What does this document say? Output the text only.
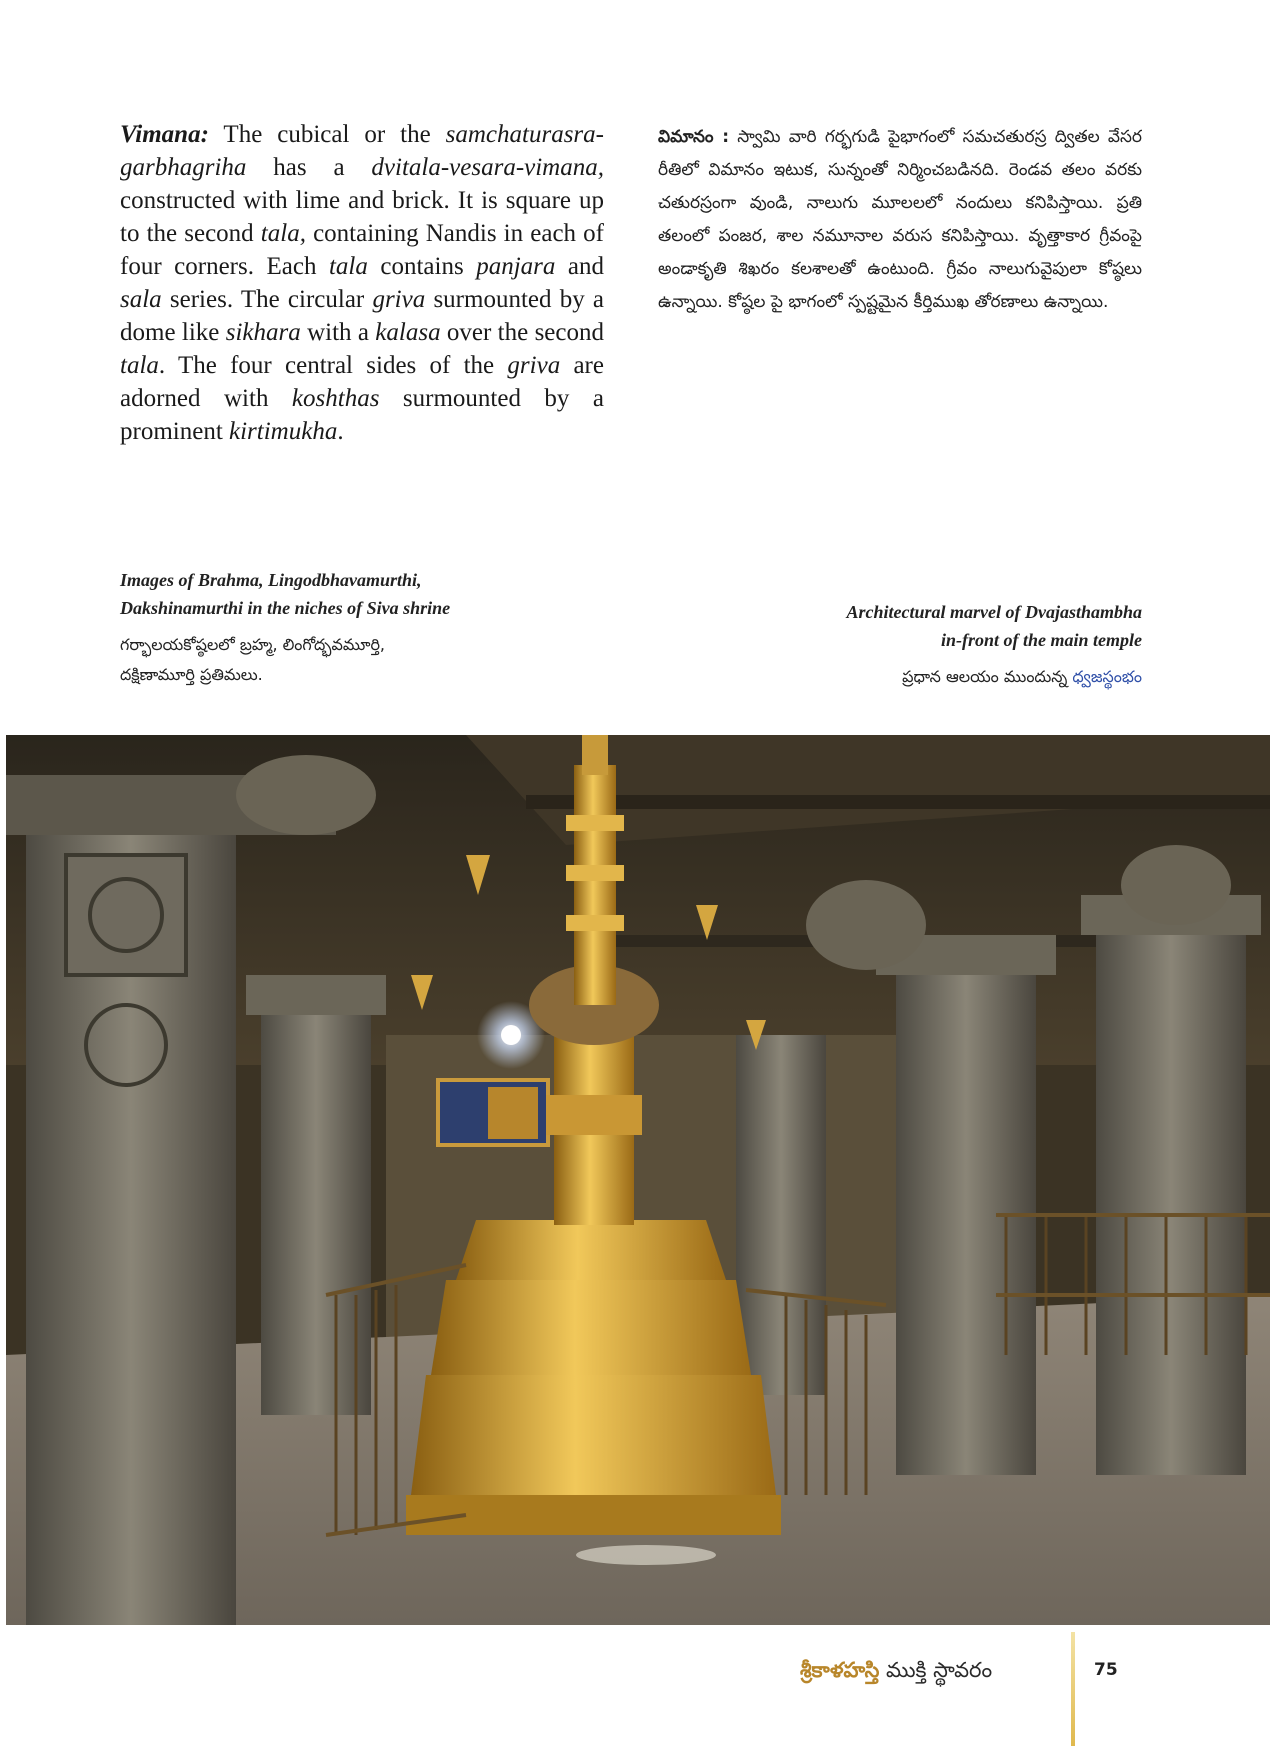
Vimana: The cubical or the samchaturasra-garbhagriha has a dvitala-vesara-vimana, constructed with lime and brick. It is square up to the second tala, containing Nandis in each of four corners. Each tala contains panjara and sala series. The circular griva surmounted by a dome like sikhara with a kalasa over the second tala. The four central sides of the griva are adorned with koshthas surmounted by a prominent kirtimukha.
విమానం : స్వామి వారి గర్భగుడి పైభాగంలో సమచతురస్ర ద్వితల వేసర రీతిలో విమానం ఇటుక, సున్నంతో నిర్మించబడినది. రెండవ తలం వరకు చతురస్రంగా వుండి, నాలుగు మూలలలో నందులు కనిపిస్తాయి. ప్రతి తలంలో పంజర, శాల నమూనాల వరుస కనిపిస్తాయి. వృత్తాకార గ్రీవంపై అండాకృతి శిఖరం కలశాలతో ఉంటుంది. గ్రీవం నాలుగువైపులా కోష్ఠలు ఉన్నాయి. కోష్ఠల పై భాగంలో స్పష్టమైన కీర్తిముఖ తోరణాలు ఉన్నాయి.
Images of Brahma, Lingodbhavamurthi,
Dakshinamurthi in the niches of Siva shrine
గర్భాలయకోష్ఠలలో బ్రహ్మ, లింగోద్భవమూర్తి,
దక్షిణామూర్తి ప్రతిమలు.
Architectural marvel of Dvajasthambha
in-front of the main temple
ప్రధాన ఆలయం ముందున్న ధ్వజస్థంభం
శ్రీకాళహస్తి ముక్తి స్థావరం	75
